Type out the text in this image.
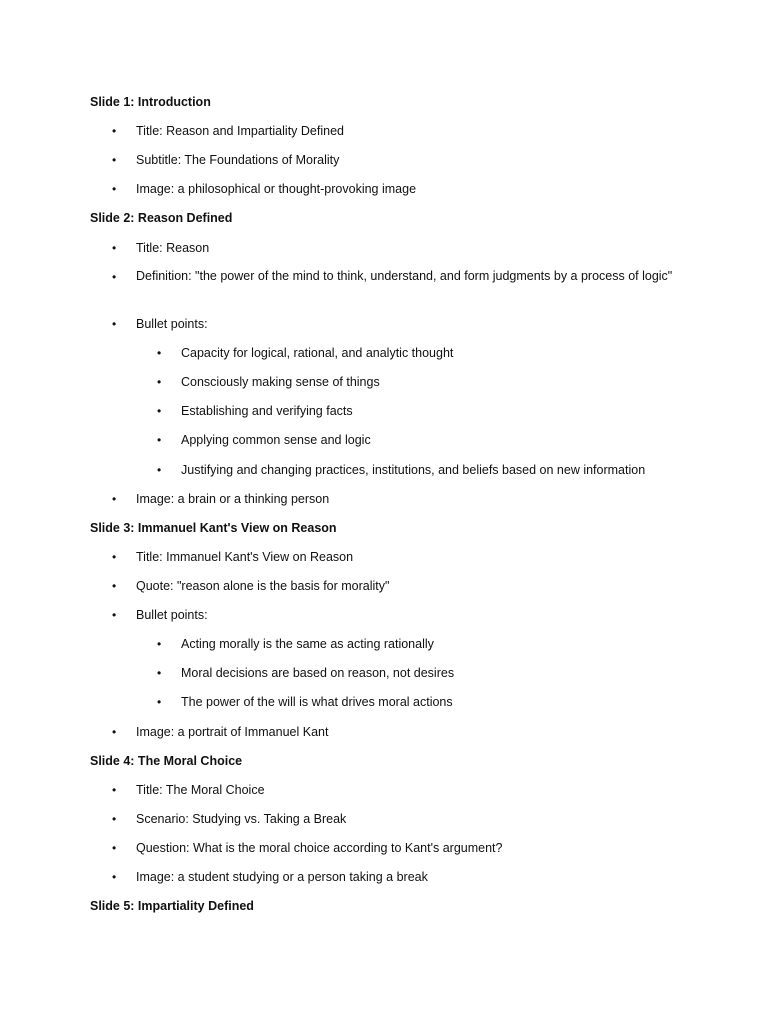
Slide 1: Introduction
• Title: Reason and Impartiality Defined
• Subtitle: The Foundations of Morality
• Image: a philosophical or thought-provoking image
Slide 2: Reason Defined
• Title: Reason
• Definition: "the power of the mind to think, understand, and form judgments by a process of logic"
• Bullet points:
• Capacity for logical, rational, and analytic thought
• Consciously making sense of things
• Establishing and verifying facts
• Applying common sense and logic
• Justifying and changing practices, institutions, and beliefs based on new information
• Image: a brain or a thinking person
Slide 3: Immanuel Kant's View on Reason
• Title: Immanuel Kant's View on Reason
• Quote: "reason alone is the basis for morality"
• Bullet points:
• Acting morally is the same as acting rationally
• Moral decisions are based on reason, not desires
• The power of the will is what drives moral actions
• Image: a portrait of Immanuel Kant
Slide 4: The Moral Choice
• Title: The Moral Choice
• Scenario: Studying vs. Taking a Break
• Question: What is the moral choice according to Kant's argument?
• Image: a student studying or a person taking a break
Slide 5: Impartiality Defined
